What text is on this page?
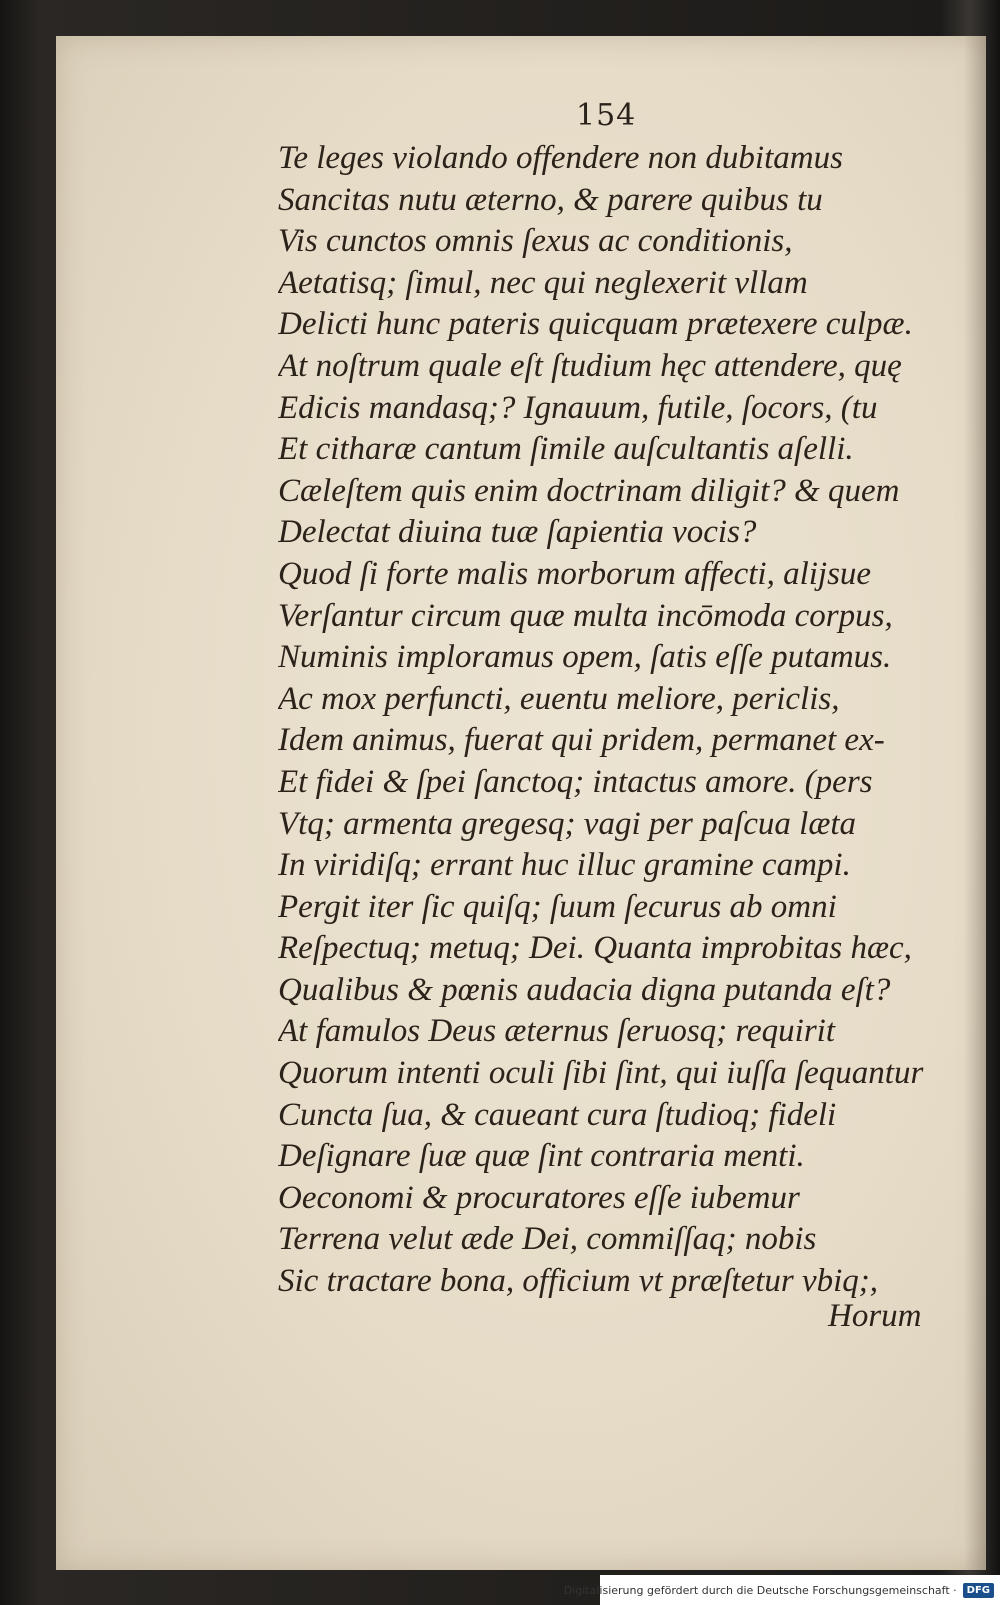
154
Te leges violando offendere non dubitamus
Sancitas nutu æterno, & parere quibus tu
Vis cunctos omnis ſexus ac conditionis,
Aetatisq; ſimul, nec qui neglexerit vllam
Delicti hunc pateris quicquam prætexere culpæ.
At noſtrum quale eſt ſtudium hęc attendere, quę
Edicis mandasq;? Ignauum, futile, ſocors, (tu
Et citharæ cantum ſimile auſcultantis aſelli.
Cæleſtem quis enim doctrinam diligit? & quem
Delectat diuina tuæ ſapientia vocis?
Quod ſi forte malis morborum affecti, alijsue
Verſantur circum quæ multa incōmoda corpus,
Numinis imploramus opem, ſatis eſſe putamus.
Ac mox perfuncti, euentu meliore, periclis,
Idem animus, fuerat qui pridem, permanet ex-
Et fidei & ſpei ſanctoq; intactus amore. (pers
Vtq; armenta gregesq; vagi per paſcua læta
In viridiſq; errant huc illuc gramine campi.
Pergit iter ſic quiſq; ſuum ſecurus ab omni
Reſpectuq; metuq; Dei. Quanta improbitas hæc,
Qualibus & pœnis audacia digna putanda eſt?
At famulos Deus æternus ſeruosq; requirit
Quorum intenti oculi ſibi ſint, qui iuſſa ſequantur
Cuncta ſua, & caueant cura ſtudioq; fideli
Deſignare ſuæ quæ ſint contraria menti.
Oeconomi & procuratores eſſe iubemur
Terrena velut æde Dei, commiſſaq; nobis
Sic tractare bona, officium vt præſtetur vbiq;,
Horum
Digitalisierung gefördert durch die Deutsche Forschungsgemeinschaft ·	DFG
